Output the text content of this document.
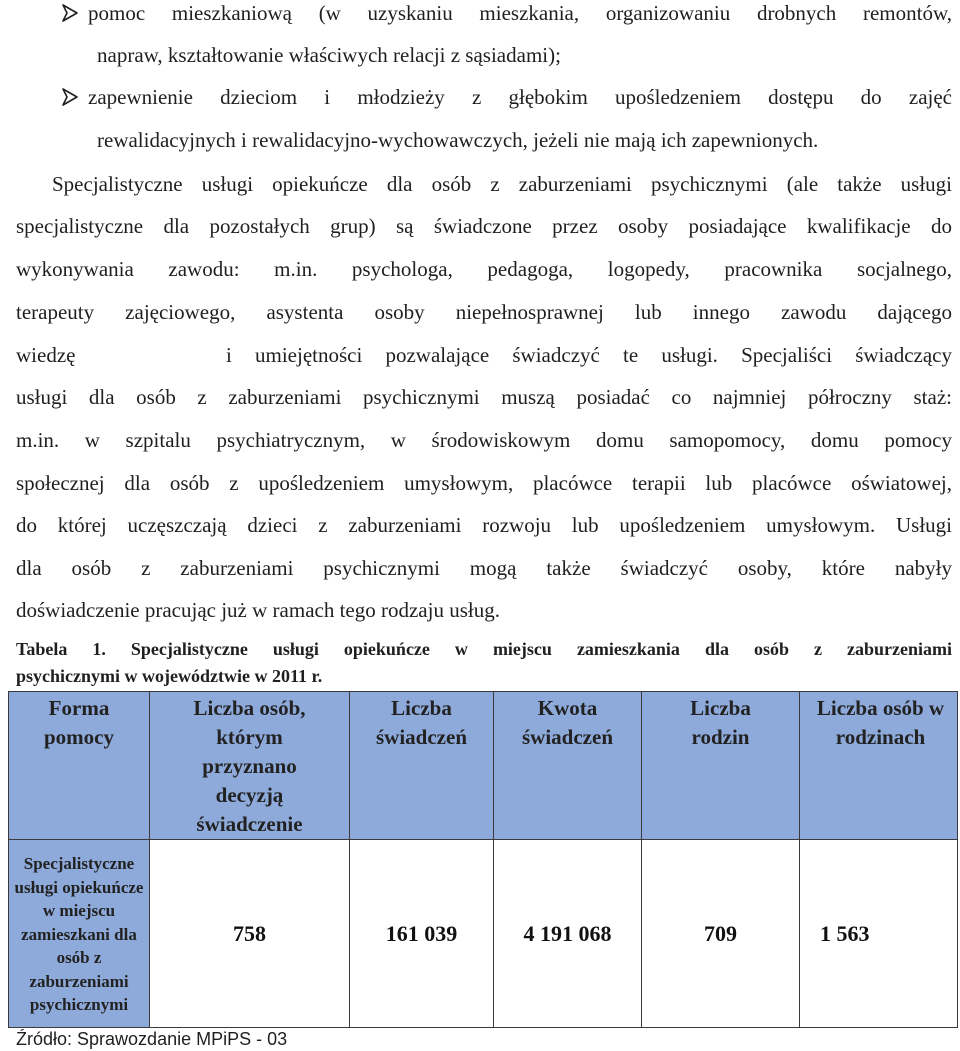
pomoc mieszkaniową (w uzyskaniu mieszkania, organizowaniu drobnych remontów,
napraw, kształtowanie właściwych relacji z sąsiadami);
zapewnienie dzieciom i młodzieży z głębokim upośledzeniem dostępu do zajęć
rewalidacyjnych i rewalidacyjno-wychowawczych, jeżeli nie mają ich zapewnionych.
Specjalistyczne usługi opiekuńcze dla osób z zaburzeniami psychicznymi (ale także usługi
specjalistyczne dla pozostałych grup) są świadczone przez osoby posiadające kwalifikacje do
wykonywania zawodu: m.in. psychologa, pedagoga, logopedy, pracownika socjalnego,
terapeuty zajęciowego, asystenta osoby niepełnosprawnej lub innego zawodu dającego
wiedzę	i umiejętności pozwalające świadczyć te usługi. Specjaliści świadczący
usługi dla osób z zaburzeniami psychicznymi muszą posiadać co najmniej półroczny staż:
m.in. w szpitalu psychiatrycznym, w środowiskowym domu samopomocy, domu pomocy
społecznej dla osób z upośledzeniem umysłowym, placówce terapii lub placówce oświatowej,
do której uczęszczają dzieci z zaburzeniami rozwoju lub upośledzeniem umysłowym. Usługi
dla osób z zaburzeniami psychicznymi mogą także świadczyć osoby, które nabyły
doświadczenie pracując już w ramach tego rodzaju usług.
Tabela 1. Specjalistyczne usługi opiekuńcze w miejscu zamieszkania dla osób z zaburzeniami
psychicznymi w województwie w 2011 r.
Forma pomocy	Liczba osób, którym przyznano decyzją świadczenie	Liczba świadczeń	Kwota świadczeń	Liczba rodzin	Liczba osób w rodzinach

Specjalistyczne usługi opiekuńcze w miejscu zamieszkani dla osób z zaburzeniami psychicznymi	758	161 039	4 191 068	709	1 563
Źródło: Sprawozdanie MPiPS - 03
